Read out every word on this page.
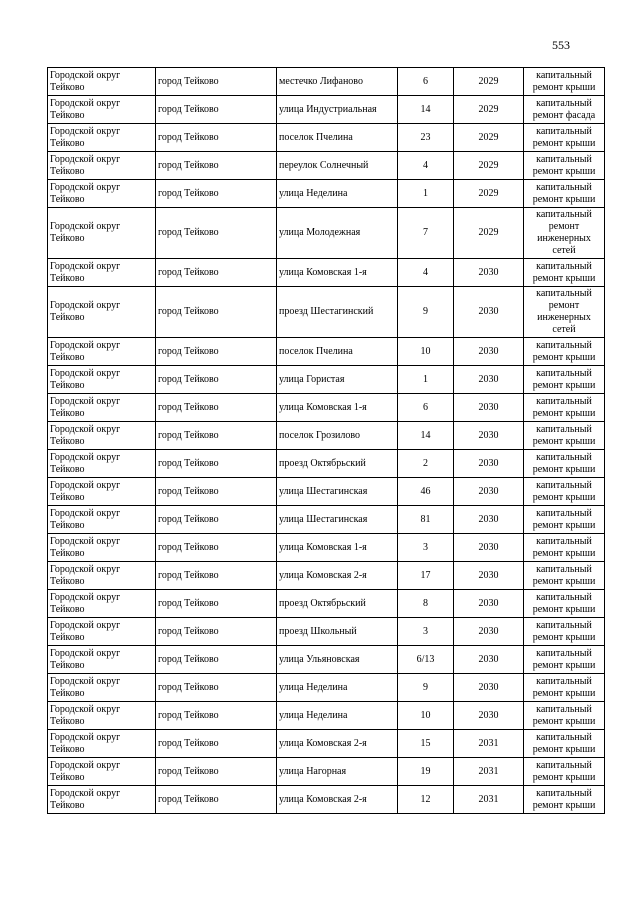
553
Городской округ Тейково	город Тейково	местечко Лифаново	6	2029	капитальный ремонт крыши
Городской округ Тейково	город Тейково	улица Индустриальная	14	2029	капитальный ремонт фасада
Городской округ Тейково	город Тейково	поселок Пчелина	23	2029	капитальный ремонт крыши
Городской округ Тейково	город Тейково	переулок Солнечный	4	2029	капитальный ремонт крыши
Городской округ Тейково	город Тейково	улица Неделина	1	2029	капитальный ремонт крыши
Городской округ Тейково	город Тейково	улица Молодежная	7	2029	капитальный ремонт инженерных сетей
Городской округ Тейково	город Тейково	улица Комовская 1-я	4	2030	капитальный ремонт крыши
Городской округ Тейково	город Тейково	проезд Шестагинский	9	2030	капитальный ремонт инженерных сетей
Городской округ Тейково	город Тейково	поселок Пчелина	10	2030	капитальный ремонт крыши
Городской округ Тейково	город Тейково	улица Гористая	1	2030	капитальный ремонт крыши
Городской округ Тейково	город Тейково	улица Комовская 1-я	6	2030	капитальный ремонт крыши
Городской округ Тейково	город Тейково	поселок Грозилово	14	2030	капитальный ремонт крыши
Городской округ Тейково	город Тейково	проезд Октябрьский	2	2030	капитальный ремонт крыши
Городской округ Тейково	город Тейково	улица Шестагинская	46	2030	капитальный ремонт крыши
Городской округ Тейково	город Тейково	улица Шестагинская	81	2030	капитальный ремонт крыши
Городской округ Тейково	город Тейково	улица Комовская 1-я	3	2030	капитальный ремонт крыши
Городской округ Тейково	город Тейково	улица Комовская 2-я	17	2030	капитальный ремонт крыши
Городской округ Тейково	город Тейково	проезд Октябрьский	8	2030	капитальный ремонт крыши
Городской округ Тейково	город Тейково	проезд Школьный	3	2030	капитальный ремонт крыши
Городской округ Тейково	город Тейково	улица Ульяновская	6/13	2030	капитальный ремонт крыши
Городской округ Тейково	город Тейково	улица Неделина	9	2030	капитальный ремонт крыши
Городской округ Тейково	город Тейково	улица Неделина	10	2030	капитальный ремонт крыши
Городской округ Тейково	город Тейково	улица Комовская 2-я	15	2031	капитальный ремонт крыши
Городской округ Тейково	город Тейково	улица Нагорная	19	2031	капитальный ремонт крыши
Городской округ Тейково	город Тейково	улица Комовская 2-я	12	2031	капитальный ремонт крыши
